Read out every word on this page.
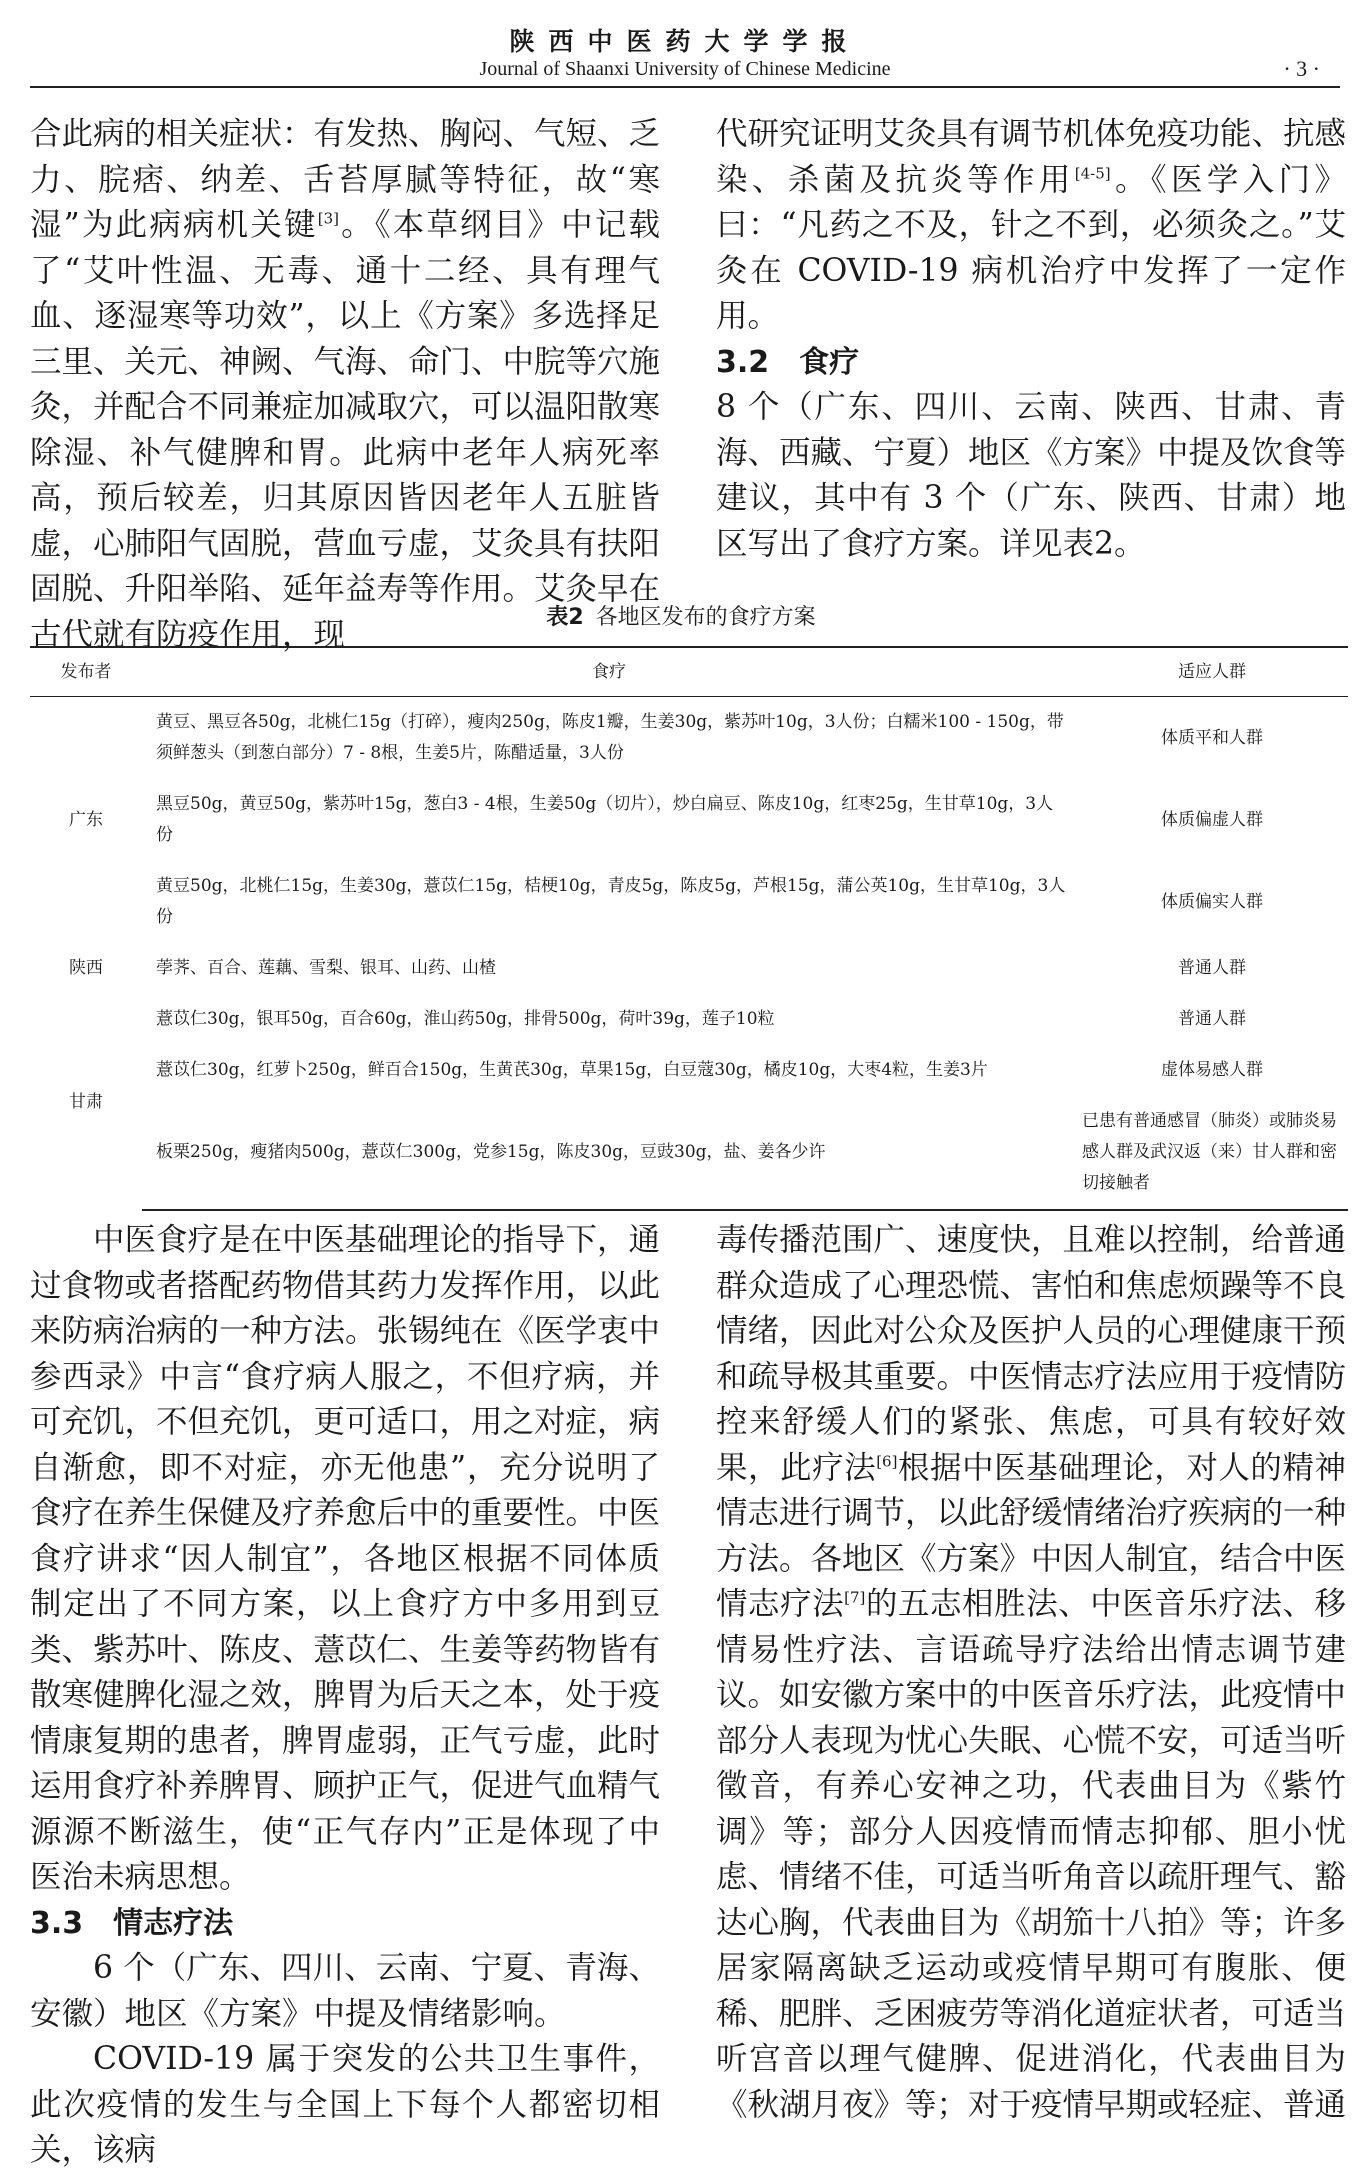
陕西中医药大学学报
Journal of Shaanxi University of Chinese Medicine	· 3 ·

合此病的相关症状：有发热、胸闷、气短、乏力、脘痞、纳差、舌苔厚腻等特征，故“寒湿”为此病病机关键[3]。《本草纲目》中记载了“艾叶性温、无毒、通十二经、具有理气血、逐湿寒等功效”，以上《方案》多选择足三里、关元、神阙、气海、命门、中脘等穴施灸，并配合不同兼症加减取穴，可以温阳散寒除湿、补气健脾和胃。此病中老年人病死率高，预后较差，归其原因皆因老年人五脏皆虚，心肺阳气固脱，营血亏虚，艾灸具有扶阳固脱、升阳举陷、延年益寿等作用。艾灸早在古代就有防疫作用，现

代研究证明艾灸具有调节机体免疫功能、抗感染、杀菌及抗炎等作用[4-5]。《医学入门》曰：“凡药之不及，针之不到，必须灸之。”艾灸在 COVID-19 病机治疗中发挥了一定作用。

3.2 食疗

8 个（广东、四川、云南、陕西、甘肃、青海、西藏、宁夏）地区《方案》中提及饮食等建议，其中有 3 个（广东、陕西、甘肃）地区写出了食疗方案。详见表2。

表2 各地区发布的食疗方案
发布者	食疗	适应人群
广东	黄豆、黑豆各50g，北桃仁15g（打碎），瘦肉250g，陈皮1瓣，生姜30g，紫苏叶10g，3人份；白糯米100 - 150g，带须鲜葱头（到葱白部分）7 - 8根，生姜5片，陈醋适量，3人份	体质平和人群
	黑豆50g，黄豆50g，紫苏叶15g，葱白3 - 4根，生姜50g（切片），炒白扁豆、陈皮10g，红枣25g，生甘草10g，3人份	体质偏虚人群
	黄豆50g，北桃仁15g，生姜30g，薏苡仁15g，桔梗10g，青皮5g，陈皮5g，芦根15g，蒲公英10g，生甘草10g，3人份	体质偏实人群
陕西	荸荠、百合、莲藕、雪梨、银耳、山药、山楂	普通人群
甘肃	薏苡仁30g，银耳50g，百合60g，淮山药50g，排骨500g，荷叶39g，莲子10粒	普通人群
	薏苡仁30g，红萝卜250g，鲜百合150g，生黄芪30g，草果15g，白豆蔻30g，橘皮10g，大枣4粒，生姜3片	虚体易感人群
	板栗250g，瘦猪肉500g，薏苡仁300g，党参15g，陈皮30g，豆豉30g，盐、姜各少许	已患有普通感冒（肺炎）或肺炎易感人群及武汉返（来）甘人群和密切接触者

中医食疗是在中医基础理论的指导下，通过食物或者搭配药物借其药力发挥作用，以此来防病治病的一种方法。张锡纯在《医学衷中参西录》中言“食疗病人服之，不但疗病，并可充饥，不但充饥，更可适口，用之对症，病自渐愈，即不对症，亦无他患”，充分说明了食疗在养生保健及疗养愈后中的重要性。中医食疗讲求“因人制宜”，各地区根据不同体质制定出了不同方案，以上食疗方中多用到豆类、紫苏叶、陈皮、薏苡仁、生姜等药物皆有散寒健脾化湿之效，脾胃为后天之本，处于疫情康复期的患者，脾胃虚弱，正气亏虚，此时运用食疗补养脾胃、顾护正气，促进气血精气源源不断滋生，使“正气存内”正是体现了中医治未病思想。

3.3 情志疗法

6 个（广东、四川、云南、宁夏、青海、安徽）地区《方案》中提及情绪影响。

COVID-19 属于突发的公共卫生事件，此次疫情的发生与全国上下每个人都密切相关，该病

毒传播范围广、速度快，且难以控制，给普通群众造成了心理恐慌、害怕和焦虑烦躁等不良情绪，因此对公众及医护人员的心理健康干预和疏导极其重要。中医情志疗法应用于疫情防控来舒缓人们的紧张、焦虑，可具有较好效果，此疗法[6]根据中医基础理论，对人的精神情志进行调节，以此舒缓情绪治疗疾病的一种方法。各地区《方案》中因人制宜，结合中医情志疗法[7]的五志相胜法、中医音乐疗法、移情易性疗法、言语疏导疗法给出情志调节建议。如安徽方案中的中医音乐疗法，此疫情中部分人表现为忧心失眠、心慌不安，可适当听徵音，有养心安神之功，代表曲目为《紫竹调》等；部分人因疫情而情志抑郁、胆小忧虑、情绪不佳，可适当听角音以疏肝理气、豁达心胸，代表曲目为《胡笳十八拍》等；许多居家隔离缺乏运动或疫情早期可有腹胀、便稀、肥胖、乏困疲劳等消化道症状者，可适当听宫音以理气健脾、促进消化，代表曲目为《秋湖月夜》等；对于疫情早期或轻症、普通
